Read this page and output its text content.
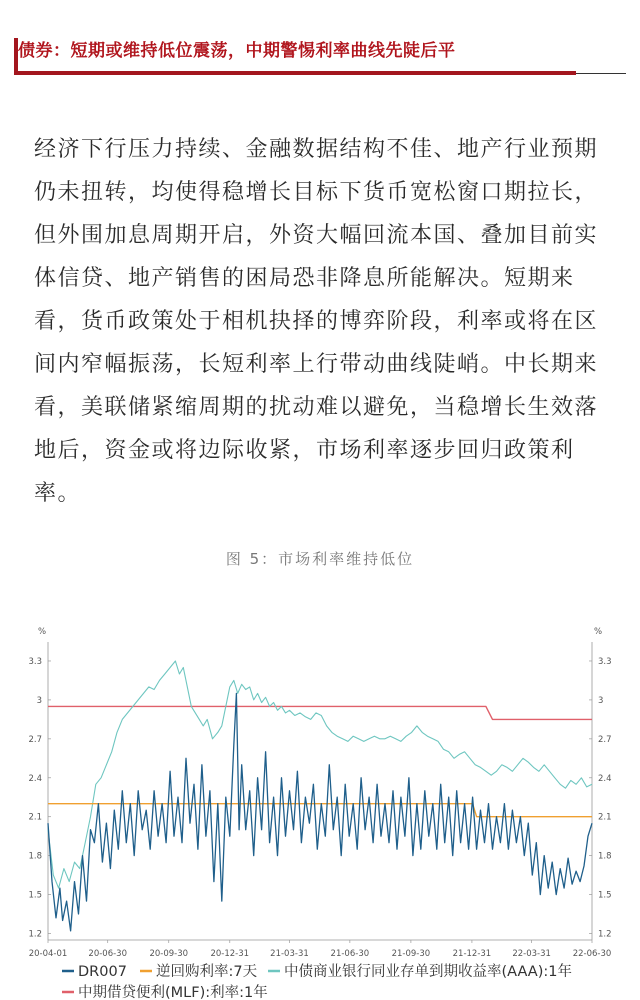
债券：短期或维持低位震荡，中期警惕利率曲线先陡后平
经济下行压力持续、金融数据结构不佳、地产行业预期仍未扭转，均使得稳增长目标下货币宽松窗口期拉长，但外围加息周期开启，外资大幅回流本国、叠加目前实体信贷、地产销售的困局恐非降息所能解决。短期来看，货币政策处于相机抉择的博弈阶段，利率或将在区间内窄幅振荡，长短利率上行带动曲线陡峭。中长期来看，美联储紧缩周期的扰动难以避免，当稳增长生效落地后，资金或将边际收紧，市场利率逐步回归政策利率。
图 5：市场利率维持低位
%	%
1.2
1.5
1.8
2.1
2.4
2.7
3
3.3
1.2
1.5
1.8
2.1
2.4
2.7
3
3.3
20-04-01 20-06-30	20-09-30	20-12-31 21-03-31	21-06-30	21-09-30	21-12-31 22-03-31	22-06-30
DR007 逆回购利率:7天 中债商业银行同业存单到期收益率(AAA):1年
中期借贷便利(MLF):利率:1年
